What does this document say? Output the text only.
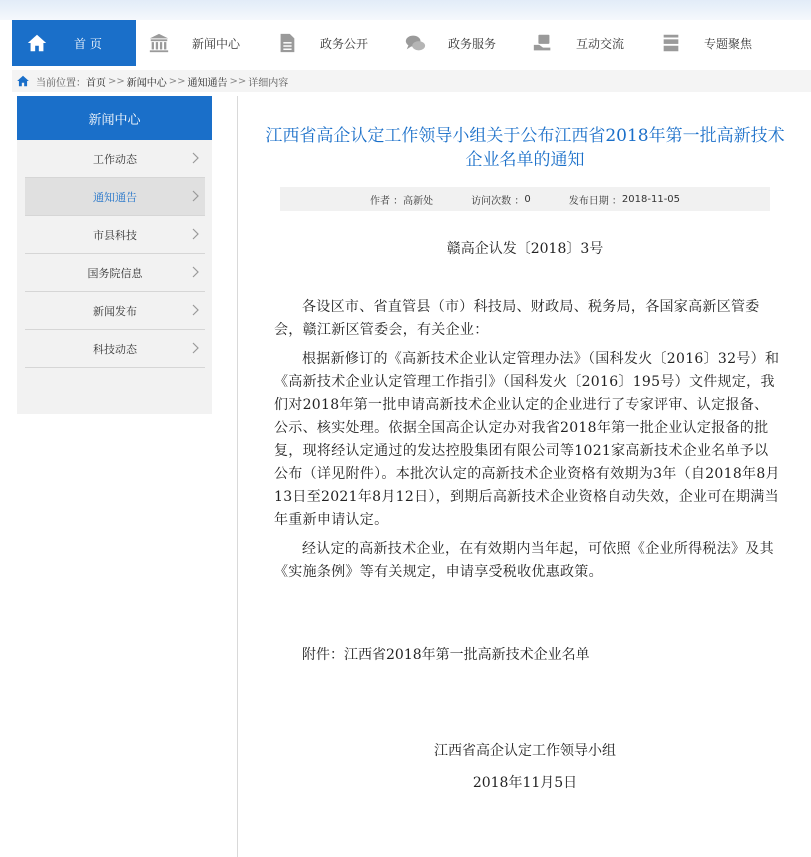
首 页	新闻中心	政务公开	政务服务	互动交流	专题聚焦
当前位置： 首页 >> 新闻中心 >> 通知通告 >> 详细内容
新闻中心
工作动态
通知通告
市县科技
国务院信息
新闻发布
科技动态
江西省高企认定工作领导小组关于公布江西省2018年第一批高新技术
企业名单的通知
作者 ： 高新处	访问次数 ： 0	发布日期 ： 2018-11-05
赣高企认发〔2018〕3号

各设区市、省直管县（市）科技局、财政局、税务局，各国家高新区管委会，赣江新区管委会，有关企业：

根据新修订的《高新技术企业认定管理办法》（国科发火〔2016〕32号）和《高新技术企业认定管理工作指引》（国科发火〔2016〕195号）文件规定，我们对2018年第一批申请高新技术企业认定的企业进行了专家评审、认定报备、公示、核实处理。依据全国高企认定办对我省2018年第一批企业认定报备的批复，现将经认定通过的发达控股集团有限公司等1021家高新技术企业名单予以公布（详见附件）。本批次认定的高新技术企业资格有效期为3年（自2018年8月13日至2021年8月12日），到期后高新技术企业资格自动失效，企业可在期满当年重新申请认定。

经认定的高新技术企业，在有效期内当年起，可依照《企业所得税法》及其《实施条例》等有关规定，申请享受税收优惠政策。

附件：江西省2018年第一批高新技术企业名单
江西省高企认定工作领导小组
2018年11月5日
